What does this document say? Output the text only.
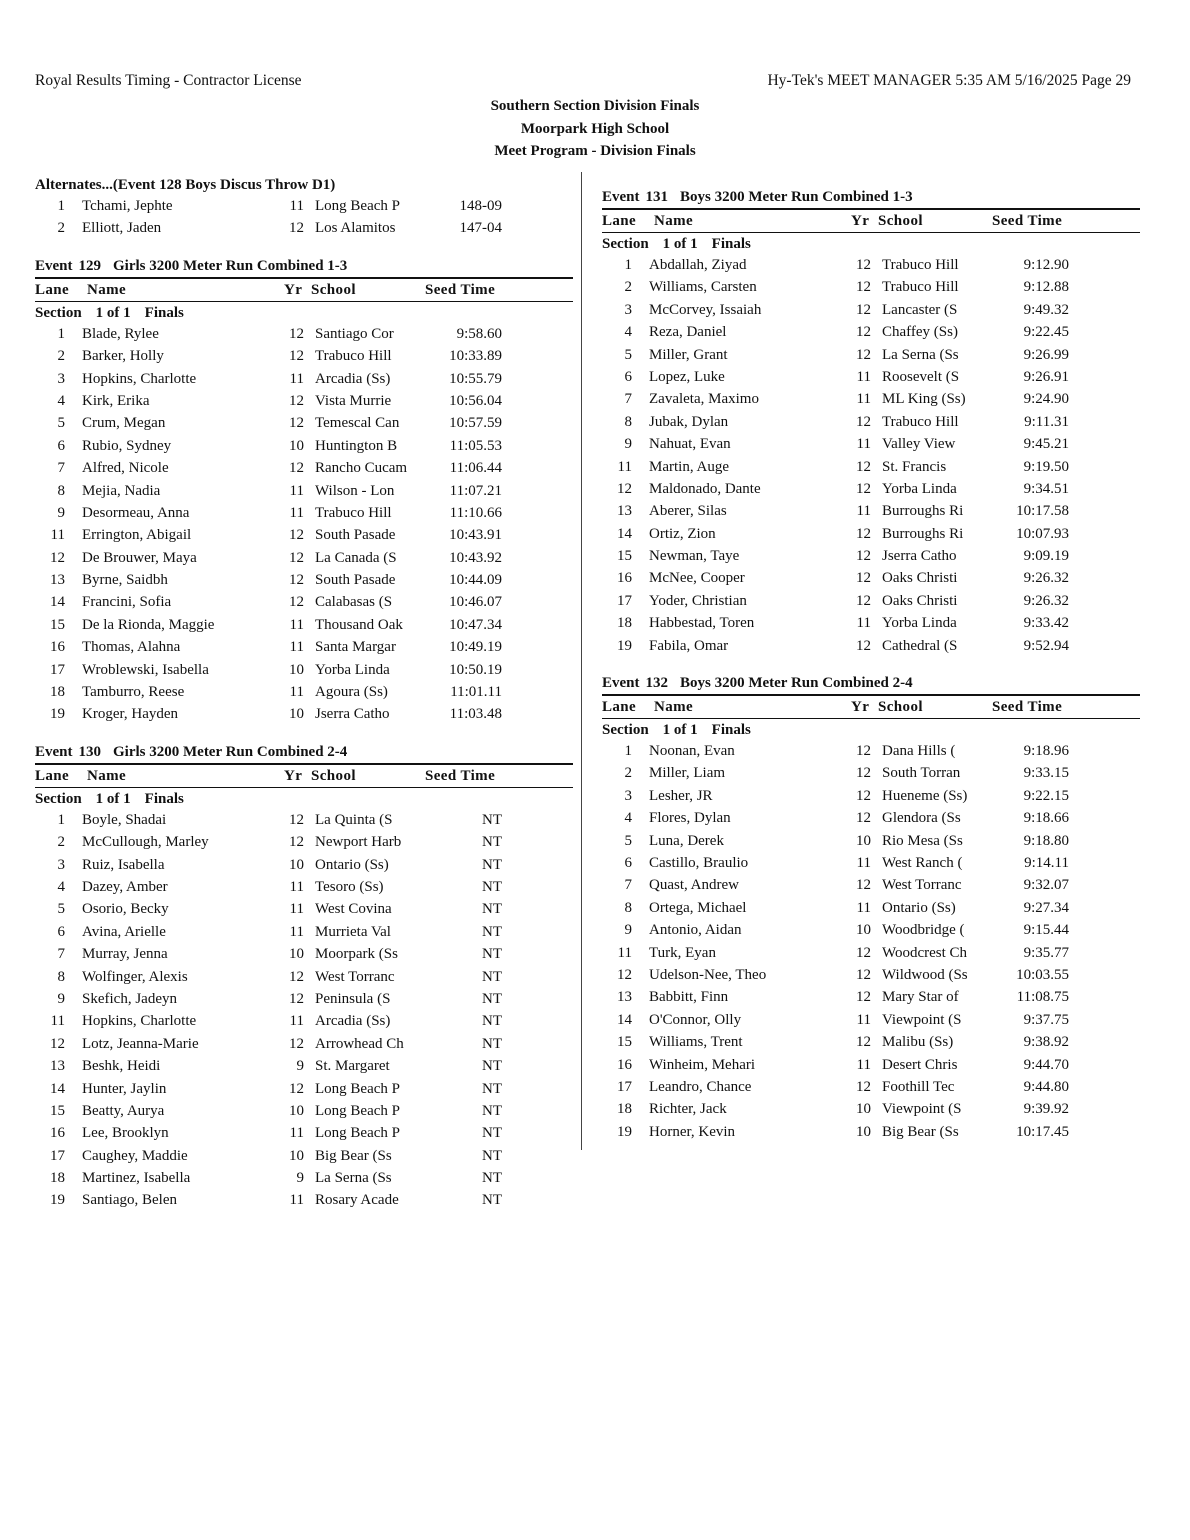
Royal Results Timing - Contractor License	Hy-Tek's MEET MANAGER 5:35 AM 5/16/2025 Page 29
Southern Section Division Finals
Moorpark High School
Meet Program - Division Finals
Alternates...(Event 128 Boys Discus Throw D1)
1 Tchami, Jephte	11 Long Beach P	148-09
2 Elliott, Jaden	12 Los Alamitos	147-04
Event 129 Girls 3200 Meter Run Combined 1-3
Lane Name	Yr School	Seed Time
Section 1 of 1 Finals
1 Blade, Rylee	12 Santiago Cor	9:58.60
2 Barker, Holly	12 Trabuco Hill	10:33.89
3 Hopkins, Charlotte	11 Arcadia (Ss)	10:55.79
4 Kirk, Erika	12 Vista Murrie	10:56.04
5 Crum, Megan	12 Temescal Can	10:57.59
6 Rubio, Sydney	10 Huntington B	11:05.53
7 Alfred, Nicole	12 Rancho Cucam	11:06.44
8 Mejia, Nadia	11 Wilson - Lon	11:07.21
9 Desormeau, Anna	11 Trabuco Hill	11:10.66
11 Errington, Abigail	12 South Pasade	10:43.91
12 De Brouwer, Maya	12 La Canada (S	10:43.92
13 Byrne, Saidbh	12 South Pasade	10:44.09
14 Francini, Sofia	12 Calabasas (S	10:46.07
15 De la Rionda, Maggie	11 Thousand Oak	10:47.34
16 Thomas, Alahna	11 Santa Margar	10:49.19
17 Wroblewski, Isabella	10 Yorba Linda	10:50.19
18 Tamburro, Reese	11 Agoura (Ss)	11:01.11
19 Kroger, Hayden	10 Jserra Catho	11:03.48
Event 130 Girls 3200 Meter Run Combined 2-4
Lane Name	Yr School	Seed Time
Section 1 of 1 Finals
1 Boyle, Shadai	12 La Quinta (S	NT
2 McCullough, Marley	12 Newport Harb	NT
3 Ruiz, Isabella	10 Ontario (Ss)	NT
4 Dazey, Amber	11 Tesoro (Ss)	NT
5 Osorio, Becky	11 West Covina	NT
6 Avina, Arielle	11 Murrieta Val	NT
7 Murray, Jenna	10 Moorpark (Ss	NT
8 Wolfinger, Alexis	12 West Torranc	NT
9 Skefich, Jadeyn	12 Peninsula (S	NT
11 Hopkins, Charlotte	11 Arcadia (Ss)	NT
12 Lotz, Jeanna-Marie	12 Arrowhead Ch	NT
13 Beshk, Heidi	9 St. Margaret	NT
14 Hunter, Jaylin	12 Long Beach P	NT
15 Beatty, Aurya	10 Long Beach P	NT
16 Lee, Brooklyn	11 Long Beach P	NT
17 Caughey, Maddie	10 Big Bear (Ss	NT
18 Martinez, Isabella	9 La Serna (Ss	NT
19 Santiago, Belen	11 Rosary Acade	NT
Event 131 Boys 3200 Meter Run Combined 1-3
Lane Name	Yr School	Seed Time
Section 1 of 1 Finals
1 Abdallah, Ziyad	12 Trabuco Hill	9:12.90
2 Williams, Carsten	12 Trabuco Hill	9:12.88
3 McCorvey, Issaiah	12 Lancaster (S	9:49.32
4 Reza, Daniel	12 Chaffey (Ss)	9:22.45
5 Miller, Grant	12 La Serna (Ss	9:26.99
6 Lopez, Luke	11 Roosevelt (S	9:26.91
7 Zavaleta, Maximo	11 ML King (Ss)	9:24.90
8 Jubak, Dylan	12 Trabuco Hill	9:11.31
9 Nahuat, Evan	11 Valley View	9:45.21
11 Martin, Auge	12 St. Francis	9:19.50
12 Maldonado, Dante	12 Yorba Linda	9:34.51
13 Aberer, Silas	11 Burroughs Ri	10:17.58
14 Ortiz, Zion	12 Burroughs Ri	10:07.93
15 Newman, Taye	12 Jserra Catho	9:09.19
16 McNee, Cooper	12 Oaks Christi	9:26.32
17 Yoder, Christian	12 Oaks Christi	9:26.32
18 Habbestad, Toren	11 Yorba Linda	9:33.42
19 Fabila, Omar	12 Cathedral (S	9:52.94
Event 132 Boys 3200 Meter Run Combined 2-4
Lane Name	Yr School	Seed Time
Section 1 of 1 Finals
1 Noonan, Evan	12 Dana Hills (	9:18.96
2 Miller, Liam	12 South Torran	9:33.15
3 Lesher, JR	12 Hueneme (Ss)	9:22.15
4 Flores, Dylan	12 Glendora (Ss	9:18.66
5 Luna, Derek	10 Rio Mesa (Ss	9:18.80
6 Castillo, Braulio	11 West Ranch (	9:14.11
7 Quast, Andrew	12 West Torranc	9:32.07
8 Ortega, Michael	11 Ontario (Ss)	9:27.34
9 Antonio, Aidan	10 Woodbridge (	9:15.44
11 Turk, Eyan	12 Woodcrest Ch	9:35.77
12 Udelson-Nee, Theo	12 Wildwood (Ss	10:03.55
13 Babbitt, Finn	12 Mary Star of	11:08.75
14 O'Connor, Olly	11 Viewpoint (S	9:37.75
15 Williams, Trent	12 Malibu (Ss)	9:38.92
16 Winheim, Mehari	11 Desert Chris	9:44.70
17 Leandro, Chance	12 Foothill Tec	9:44.80
18 Richter, Jack	10 Viewpoint (S	9:39.92
19 Horner, Kevin	10 Big Bear (Ss	10:17.45
